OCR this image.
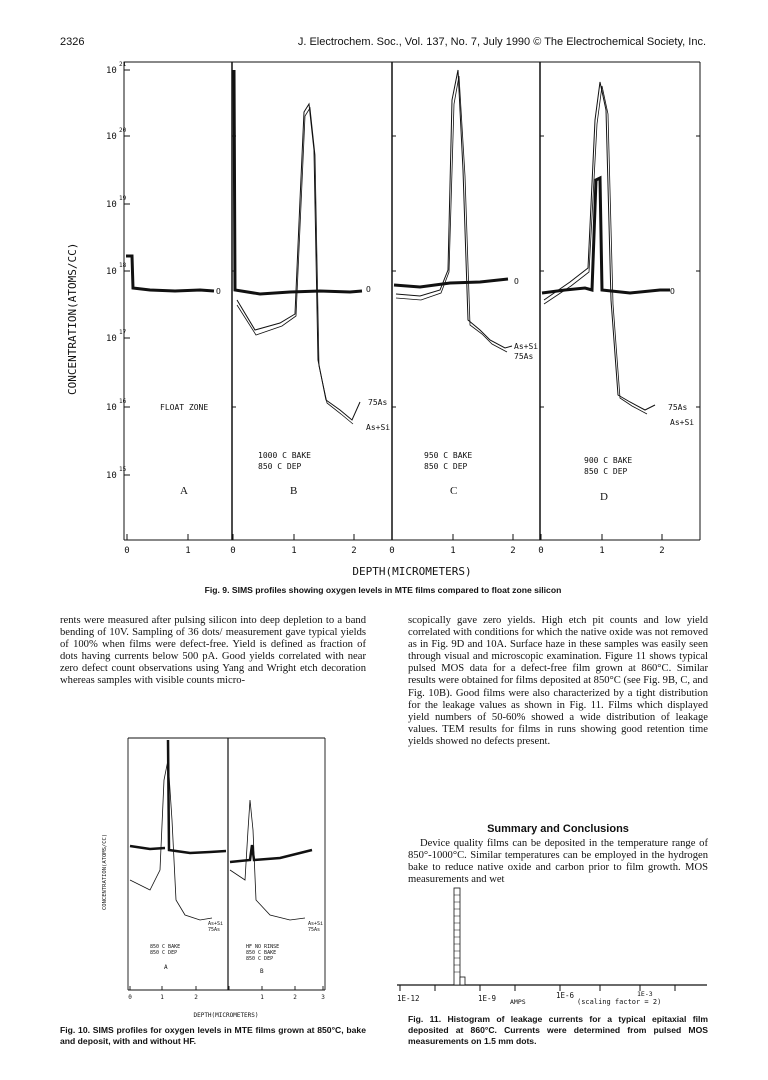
2326	J. Electrochem. Soc., Vol. 137, No. 7, July 1990 © The Electrochemical Society, Inc.
10
21
10
20
10
19
10
18
10
17
10
16
10
15
CONCENTRATION(ATOMS/CC)
0	1	0	1	2	0	1	2	0	1	2
DEPTH(MICROMETERS)
FLOAT ZONE
O
A
O
75As
As+Si
1000 C BAKE
850 C DEP
B
O
As+Si
75As
950 C BAKE
850 C DEP
C
O
75As
As+Si
900 C BAKE
850 C DEP
D
Fig. 9. SIMS profiles showing oxygen levels in MTE films compared to float zone silicon

rents were measured after pulsing silicon into deep depletion to a band bending of 10V. Sampling of 36 dots/ measurement gave typical yields of 100% when films were defect-free. Yield is defined as fraction of dots having currents below 500 pA. Good yields correlated with near zero defect count observations using Yang and Wright etch decoration whereas samples with visible counts micro-

scopically gave zero yields. High etch pit counts and low yield correlated with conditions for which the native oxide was not removed as in Fig. 9D and 10A. Surface haze in these samples was easily seen through visual and microscopic examination. Figure 11 shows typical pulsed MOS data for a defect-free film grown at 860°C. Similar results were obtained for films deposited at 850°C (see Fig. 9B, C, and Fig. 10B). Good films were also characterized by a tight distribution for the leakage values as shown in Fig. 11. Films which displayed yield numbers of 50-60% showed a wide distribution of leakage values. TEM results for films in runs showing good retention time yields showed no defects present.

Summary and Conclusions

Device quality films can be deposited in the temperature range of 850°-1000°C. Similar temperatures can be employed in the hydrogen bake to reduce native oxide and carbon prior to film growth. MOS measurements and wet

CONCENTRATION(ATOMS/CC)
As+Si
75As
850 C BAKE
850 C DEP
A
As+Si
75As
HF NO RINSE
850 C BAKE
850 C DEP
B
0	1	2	1	2	3
DEPTH(MICROMETERS)
1E-12	1E-9 AMPS
1E-6	1E-3
(scaling factor = 2)
Fig. 10. SIMS profiles for oxygen levels in MTE films grown at 850°C, bake and deposit, with and without HF.
Fig. 11. Histogram of leakage currents for a typical epitaxial film deposited at 860°C. Currents were determined from pulsed MOS measurements on 1.5 mm dots.
